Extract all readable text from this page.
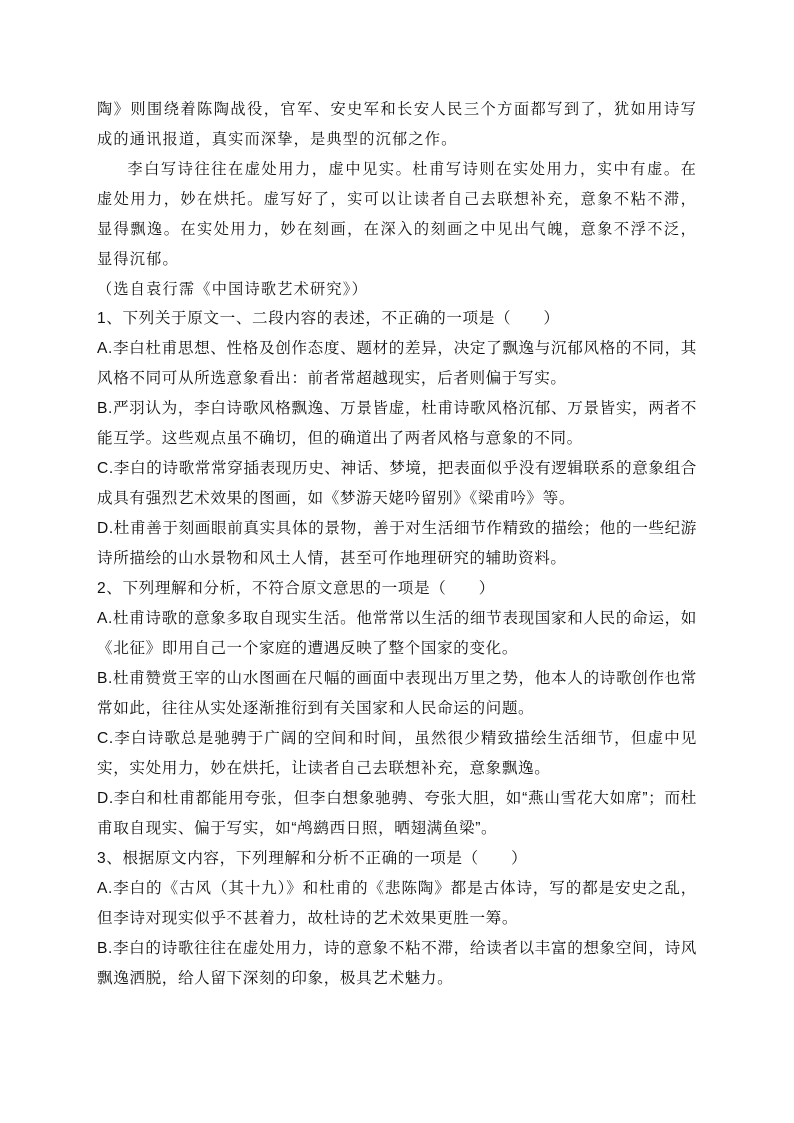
陶》则围绕着陈陶战役，官军、安史军和长安人民三个方面都写到了，犹如用诗写成的通讯报道，真实而深挚，是典型的沉郁之作。

李白写诗往往在虚处用力，虚中见实。杜甫写诗则在实处用力，实中有虚。在虚处用力，妙在烘托。虚写好了，实可以让读者自己去联想补充，意象不粘不滞，显得飘逸。在实处用力，妙在刻画，在深入的刻画之中见出气魄，意象不浮不泛，显得沉郁。

（选自袁行霈《中国诗歌艺术研究》）

1、下列关于原文一、二段内容的表述，不正确的一项是（　　）

A.李白杜甫思想、性格及创作态度、题材的差异，决定了飘逸与沉郁风格的不同，其风格不同可从所选意象看出：前者常超越现实，后者则偏于写实。

B.严羽认为，李白诗歌风格飘逸、万景皆虚，杜甫诗歌风格沉郁、万景皆实，两者不能互学。这些观点虽不确切，但的确道出了两者风格与意象的不同。

C.李白的诗歌常常穿插表现历史、神话、梦境，把表面似乎没有逻辑联系的意象组合成具有强烈艺术效果的图画，如《梦游天姥吟留别》《梁甫吟》等。

D.杜甫善于刻画眼前真实具体的景物，善于对生活细节作精致的描绘；他的一些纪游诗所描绘的山水景物和风土人情，甚至可作地理研究的辅助资料。

2、下列理解和分析，不符合原文意思的一项是（　　）

A.杜甫诗歌的意象多取自现实生活。他常常以生活的细节表现国家和人民的命运，如《北征》即用自己一个家庭的遭遇反映了整个国家的变化。

B.杜甫赞赏王宰的山水图画在尺幅的画面中表现出万里之势，他本人的诗歌创作也常常如此，往往从实处逐渐推衍到有关国家和人民命运的问题。

C.李白诗歌总是驰骋于广阔的空间和时间，虽然很少精致描绘生活细节，但虚中见实，实处用力，妙在烘托，让读者自己去联想补充，意象飘逸。

D.李白和杜甫都能用夸张，但李白想象驰骋、夸张大胆，如“燕山雪花大如席”；而杜甫取自现实、偏于写实，如“鸬鹚西日照，晒翅满鱼梁”。

3、根据原文内容，下列理解和分析不正确的一项是（　　）

A.李白的《古风（其十九）》和杜甫的《悲陈陶》都是古体诗，写的都是安史之乱，但李诗对现实似乎不甚着力，故杜诗的艺术效果更胜一筹。

B.李白的诗歌往往在虚处用力，诗的意象不粘不滞，给读者以丰富的想象空间，诗风飘逸洒脱，给人留下深刻的印象，极具艺术魅力。
